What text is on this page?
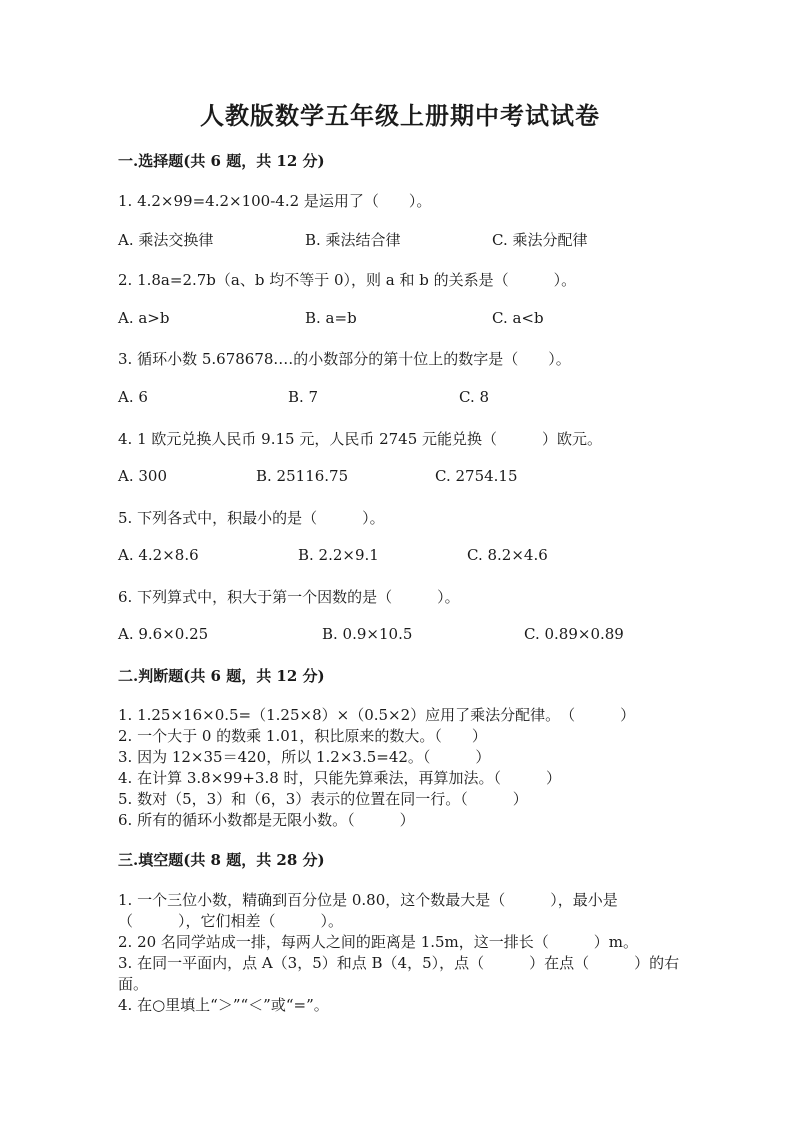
人教版数学五年级上册期中考试试卷
一.选择题(共 6 题，共 12 分)
1. 4.2×99=4.2×100-4.2 是运用了（　　）。
A. 乘法交换律	B. 乘法结合律	C. 乘法分配律
2. 1.8a=2.7b（a、b 均不等于 0），则 a 和 b 的关系是（　　　）。
A. a>b	B. a=b	C. a<b
3. 循环小数 5.678678.…的小数部分的第十位上的数字是（　　）。
A. 6	B. 7	C. 8
4. 1 欧元兑换人民币 9.15 元，人民币 2745 元能兑换（　　　）欧元。
A. 300	B. 25116.75	C. 2754.15
5. 下列各式中，积最小的是（　　　）。
A. 4.2×8.6	B. 2.2×9.1	C. 8.2×4.6
6. 下列算式中，积大于第一个因数的是（　　　）。
A. 9.6×0.25	B. 0.9×10.5	C. 0.89×0.89
二.判断题(共 6 题，共 12 分)
1. 1.25×16×0.5=（1.25×8）×（0.5×2）应用了乘法分配律。　（　　　）
2. 一个大于 0 的数乘 1.01，积比原来的数大。（　　）
3. 因为 12×35＝420，所以 1.2×3.5=42。（　　　）
4. 在计算 3.8×99+3.8 时，只能先算乘法，再算加法。（　　　）
5. 数对（5，3）和（6，3）表示的位置在同一行。（　　　）
6. 所有的循环小数都是无限小数。（　　　）
三.填空题(共 8 题，共 28 分)
1. 一个三位小数，精确到百分位是 0.80，这个数最大是（　　　），最小是
（　　　），它们相差（　　　）。
2. 20 名同学站成一排，每两人之间的距离是 1.5m，这一排长（　　　）m。
3. 在同一平面内，点 A（3，5）和点 B（4，5），点（　　　）在点（　　　）的右
面。
4. 在○里填上“＞”“＜”或“=”。
